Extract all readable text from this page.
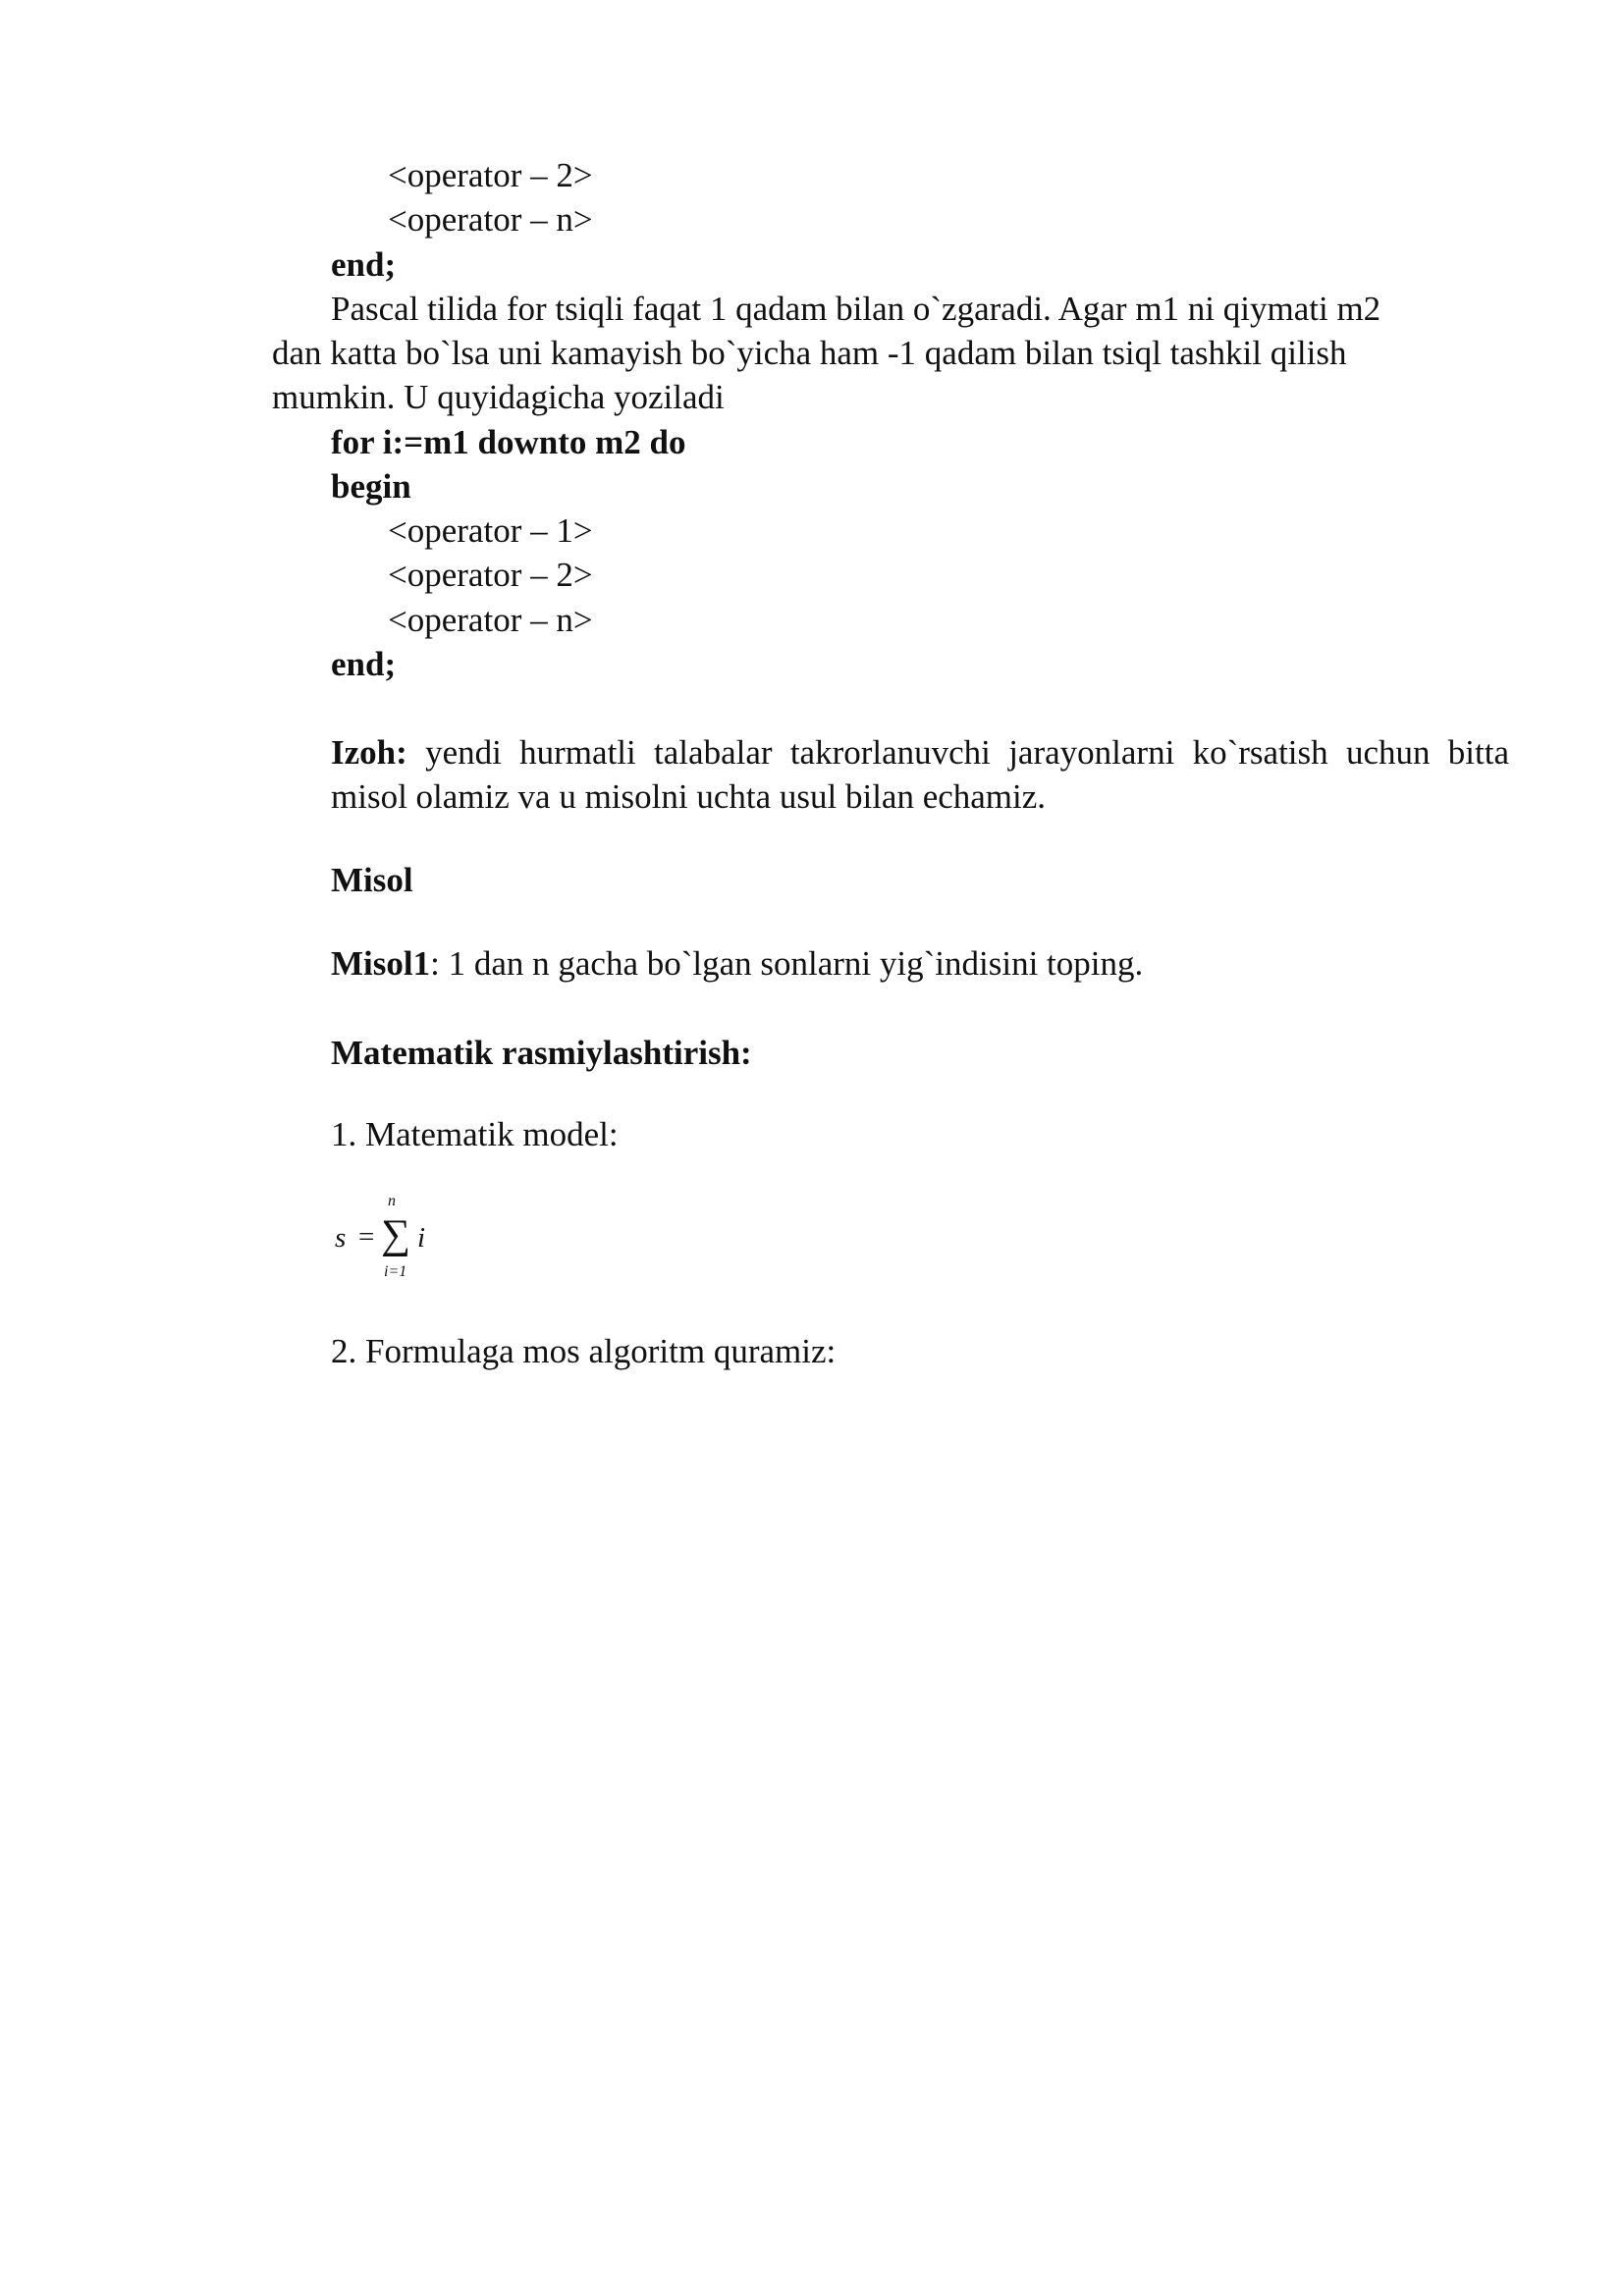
<operator – 2>
<operator – n>
end;
Pascal tilida for tsiqli faqat 1 qadam bilan o`zgaradi. Agar m1 ni qiymati m2
dan katta bo`lsa uni kamayish bo`yicha ham -1 qadam bilan tsiql tashkil qilish
mumkin. U quyidagicha yoziladi
for i:=m1 downto m2 do
begin
<operator – 1>
<operator – 2>
<operator – n>
end;
Izoh: yendi hurmatli talabalar takrorlanuvchi jarayonlarni ko`rsatish uchun bitta misol olamiz va u misolni uchta usul bilan echamiz.
Misol
Misol1: 1 dan n gacha bo`lgan sonlarni yig`indisini toping.
Matematik rasmiylashtirish:
1. Matematik model:
s = ∑
n
i=1
i
2. Formulaga mos algoritm quramiz:
